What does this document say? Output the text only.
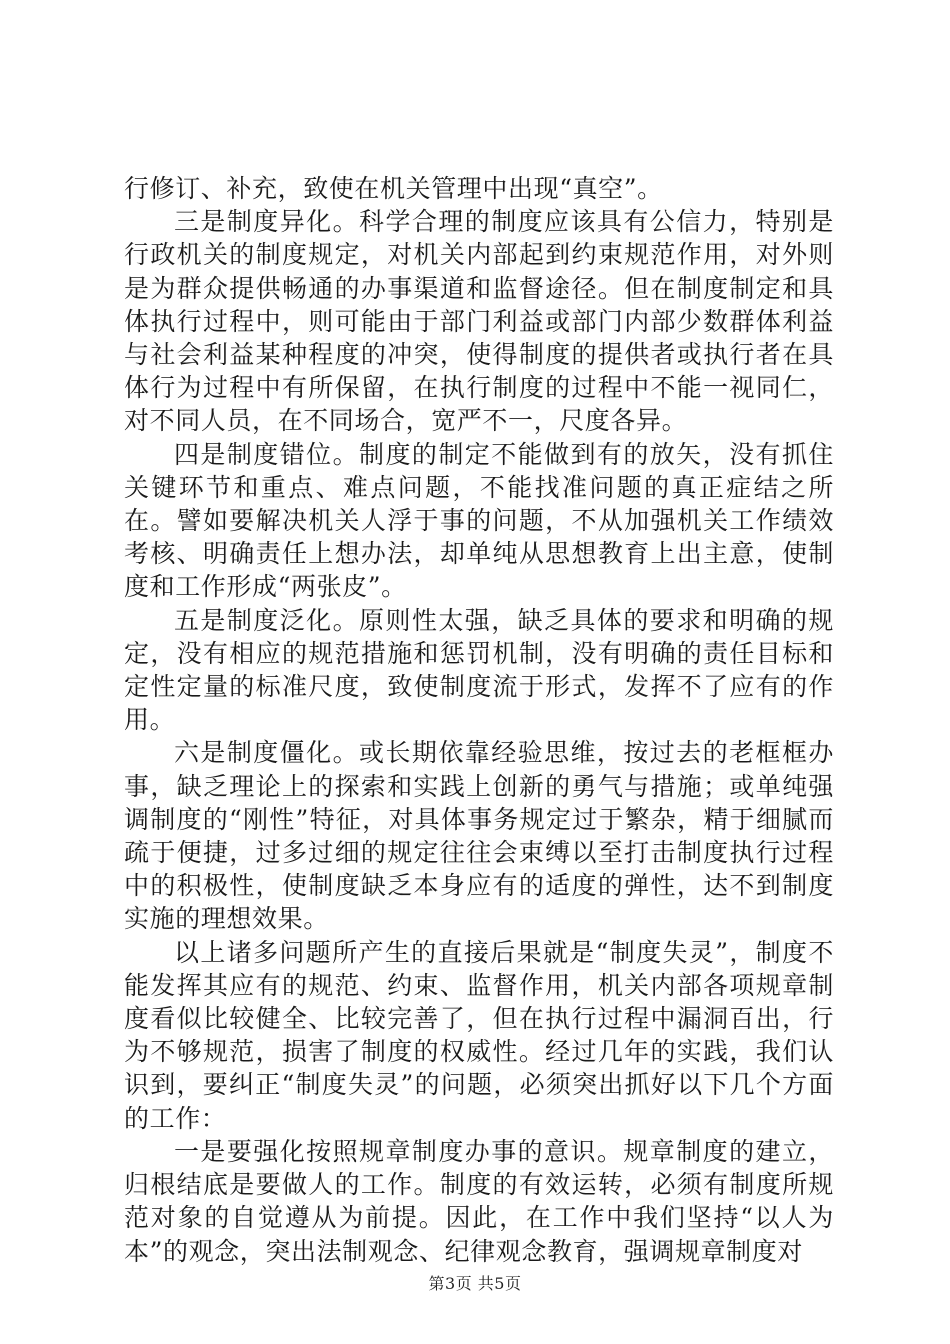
行修订、补充，致使在机关管理中出现“真空”。

三是制度异化。科学合理的制度应该具有公信力，特别是行政机关的制度规定，对机关内部起到约束规范作用，对外则是为群众提供畅通的办事渠道和监督途径。但在制度制定和具体执行过程中，则可能由于部门利益或部门内部少数群体利益与社会利益某种程度的冲突，使得制度的提供者或执行者在具体行为过程中有所保留，在执行制度的过程中不能一视同仁，对不同人员，在不同场合，宽严不一，尺度各异。

四是制度错位。制度的制定不能做到有的放矢，没有抓住关键环节和重点、难点问题，不能找准问题的真正症结之所在。譬如要解决机关人浮于事的问题，不从加强机关工作绩效考核、明确责任上想办法，却单纯从思想教育上出主意，使制度和工作形成“两张皮”。

五是制度泛化。原则性太强，缺乏具体的要求和明确的规定，没有相应的规范措施和惩罚机制，没有明确的责任目标和定性定量的标准尺度，致使制度流于形式，发挥不了应有的作用。

六是制度僵化。或长期依靠经验思维，按过去的老框框办事，缺乏理论上的探索和实践上创新的勇气与措施；或单纯强调制度的“刚性”特征，对具体事务规定过于繁杂，精于细腻而疏于便捷，过多过细的规定往往会束缚以至打击制度执行过程中的积极性，使制度缺乏本身应有的适度的弹性，达不到制度实施的理想效果。

以上诸多问题所产生的直接后果就是“制度失灵”，制度不能发挥其应有的规范、约束、监督作用，机关内部各项规章制度看似比较健全、比较完善了，但在执行过程中漏洞百出，行为不够规范，损害了制度的权威性。经过几年的实践，我们认识到，要纠正“制度失灵”的问题，必须突出抓好以下几个方面的工作：

一是要强化按照规章制度办事的意识。规章制度的建立，归根结底是要做人的工作。制度的有效运转，必须有制度所规范对象的自觉遵从为前提。因此，在工作中我们坚持“以人为本”的观念，突出法制观念、纪律观念教育，强调规章制度对

第3页 共5页
